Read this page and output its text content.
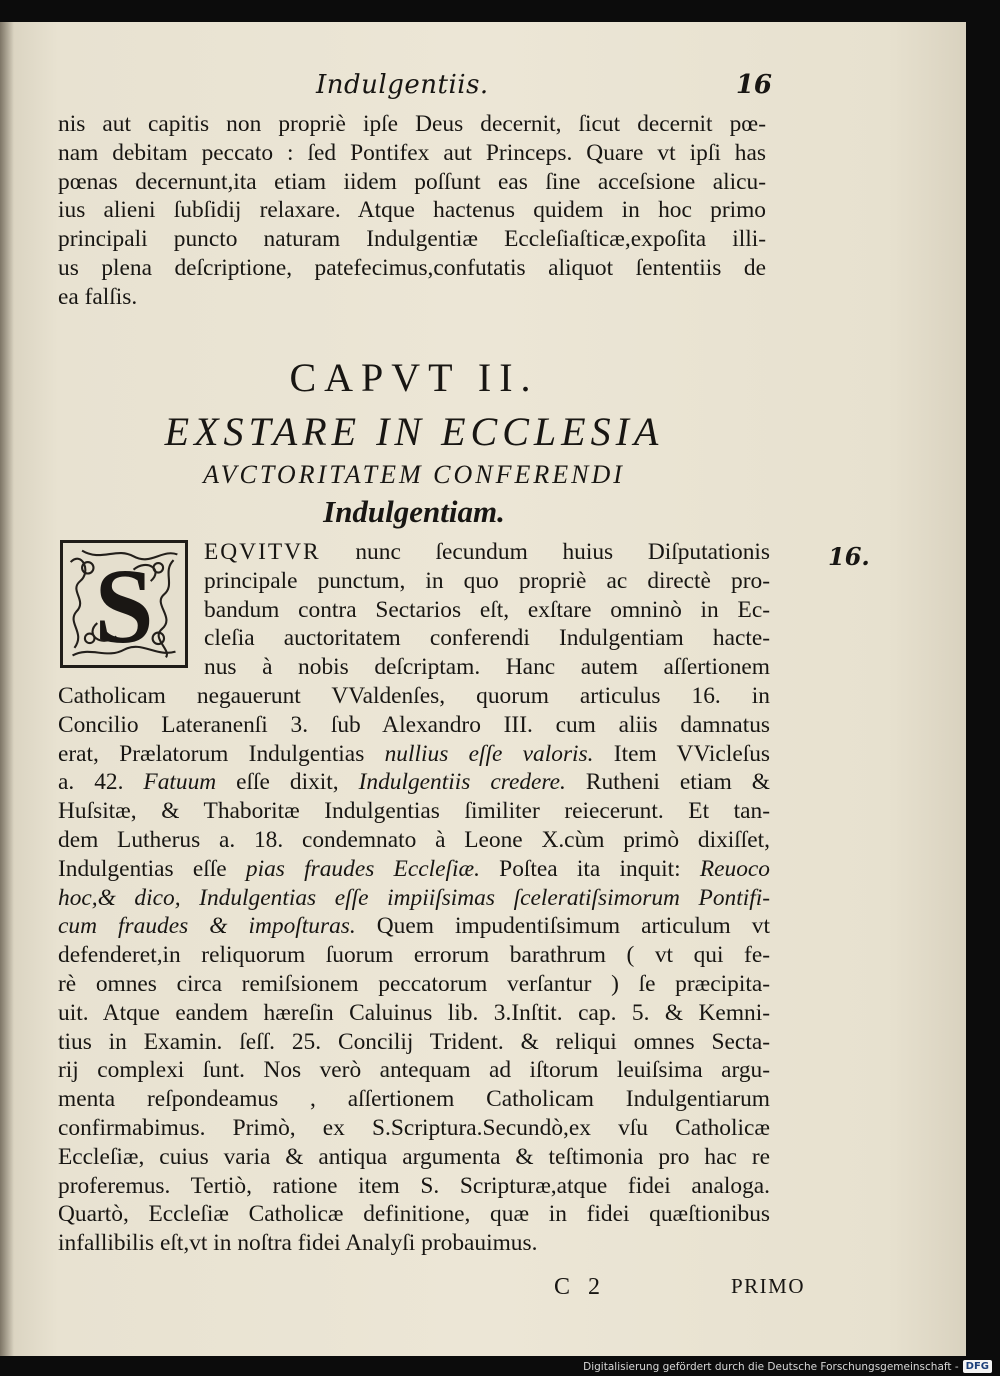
Indulgentiis.	16
nis aut capitis non propriè ipſe Deus decernit, ſicut decernit pœ-
nam debitam peccato : ſed Pontifex aut Princeps. Quare vt ipſi has
pœnas decernunt,ita etiam iidem poſſunt eas ſine acceſsione alicu-
ius alieni ſubſidij relaxare. Atque hactenus quidem in hoc primo
principali puncto naturam Indulgentiæ Eccleſiaſticæ,expoſita illi-
us plena deſcriptione, patefecimus,confutatis aliquot ſententiis de
ea falſis.
CAPVT II.
EXSTARE IN ECCLESIA
AVCTORITATEM CONFERENDI
Indulgentiam.
S	EQVITVR nunc ſecundum huius Diſputationis
principale punctum, in quo propriè ac directè pro-
bandum contra Sectarios eſt, exſtare omninò in Ec-
cleſia auctoritatem conferendi Indulgentiam hacte-
nus à nobis deſcriptam. Hanc autem aſſertionem
Catholicam negauerunt VValdenſes, quorum articulus 16. in
Concilio Lateranenſi 3. ſub Alexandro III. cum aliis damnatus
erat, Prælatorum Indulgentias nullius eſſe valoris. Item VVicleſus
a. 42. Fatuum eſſe dixit, Indulgentiis credere. Rutheni etiam &
Huſsitæ, & Thaboritæ Indulgentias ſimiliter reiecerunt. Et tan-
dem Lutherus a. 18. condemnato à Leone X.cùm primò dixiſſet,
Indulgentias eſſe pias fraudes Eccleſiæ. Poſtea ita inquit: Reuoco
hoc,& dico, Indulgentias eſſe impiiſsimas ſceleratiſsimorum Pontifi-
cum fraudes & impoſturas. Quem impudentiſsimum articulum vt
defenderet,in reliquorum ſuorum errorum barathrum ( vt qui fe-
rè omnes circa remiſsionem peccatorum verſantur ) ſe præcipita-
uit. Atque eandem hæreſin Caluinus lib. 3.Inſtit. cap. 5. & Kemni-
tius in Examin. ſeſſ. 25. Concilij Trident. & reliqui omnes Secta-
rij complexi ſunt. Nos verò antequam ad iſtorum leuiſsima argu-
menta reſpondeamus , aſſertionem Catholicam Indulgentiarum
confirmabimus. Primò, ex S.Scriptura.Secundò,ex vſu Catholicæ
Eccleſiæ, cuius varia & antiqua argumenta & teſtimonia pro hac re
proferemus. Tertiò, ratione item S. Scripturæ,atque fidei analoga.
Quartò, Eccleſiæ Catholicæ definitione, quæ in fidei quæſtionibus
infallibilis eſt,vt in noſtra fidei Analyſi probauimus.
16.
C 2	PRIMO
Digitalisierung gefördert durch die Deutsche Forschungsgemeinschaft - DFG
